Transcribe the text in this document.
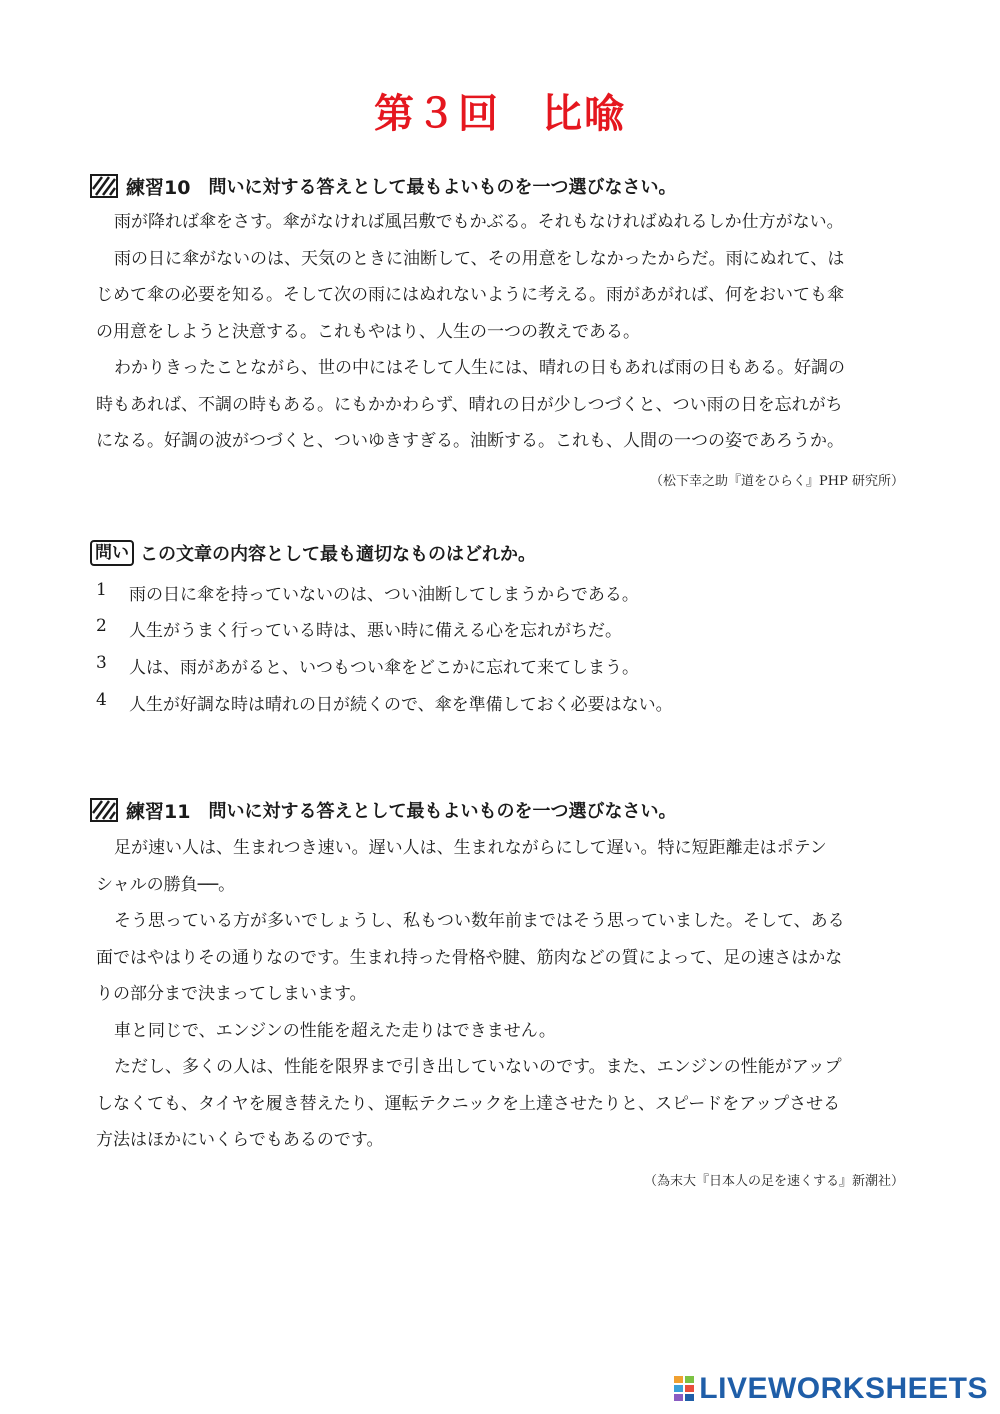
第３回　比喩
練習10 問いに対する答えとして最もよいものを一つ選びなさい。
雨が降れば傘をさす。傘がなければ風呂敷でもかぶる。それもなければぬれるしか仕方がない。
雨の日に傘がないのは、天気のときに油断して、その用意をしなかったからだ。雨にぬれて、は
じめて傘の必要を知る。そして次の雨にはぬれないように考える。雨があがれば、何をおいても傘
の用意をしようと決意する。これもやはり、人生の一つの教えである。
わかりきったことながら、世の中にはそして人生には、晴れの日もあれば雨の日もある。好調の
時もあれば、不調の時もある。にもかかわらず、晴れの日が少しつづくと、つい雨の日を忘れがち
になる。好調の波がつづくと、ついゆきすぎる。油断する。これも、人間の一つの姿であろうか。
（松下幸之助『道をひらく』PHP 研究所）
問い この文章の内容として最も適切なものはどれか。
1	雨の日に傘を持っていないのは、つい油断してしまうからである。
2	人生がうまく行っている時は、悪い時に備える心を忘れがちだ。
3	人は、雨があがると、いつもつい傘をどこかに忘れて来てしまう。
4	人生が好調な時は晴れの日が続くので、傘を準備しておく必要はない。
練習11 問いに対する答えとして最もよいものを一つ選びなさい。
足が速い人は、生まれつき速い。遅い人は、生まれながらにして遅い。特に短距離走はポテン
シャルの勝負──。
そう思っている方が多いでしょうし、私もつい数年前まではそう思っていました。そして、ある
面ではやはりその通りなのです。生まれ持った骨格や腱、筋肉などの質によって、足の速さはかな
りの部分まで決まってしまいます。
車と同じで、エンジンの性能を超えた走りはできません。
ただし、多くの人は、性能を限界まで引き出していないのです。また、エンジンの性能がアップ
しなくても、タイヤを履き替えたり、運転テクニックを上達させたりと、スピードをアップさせる
方法はほかにいくらでもあるのです。
（為末大『日本人の足を速くする』新潮社）
LIVEWORKSHEETS
